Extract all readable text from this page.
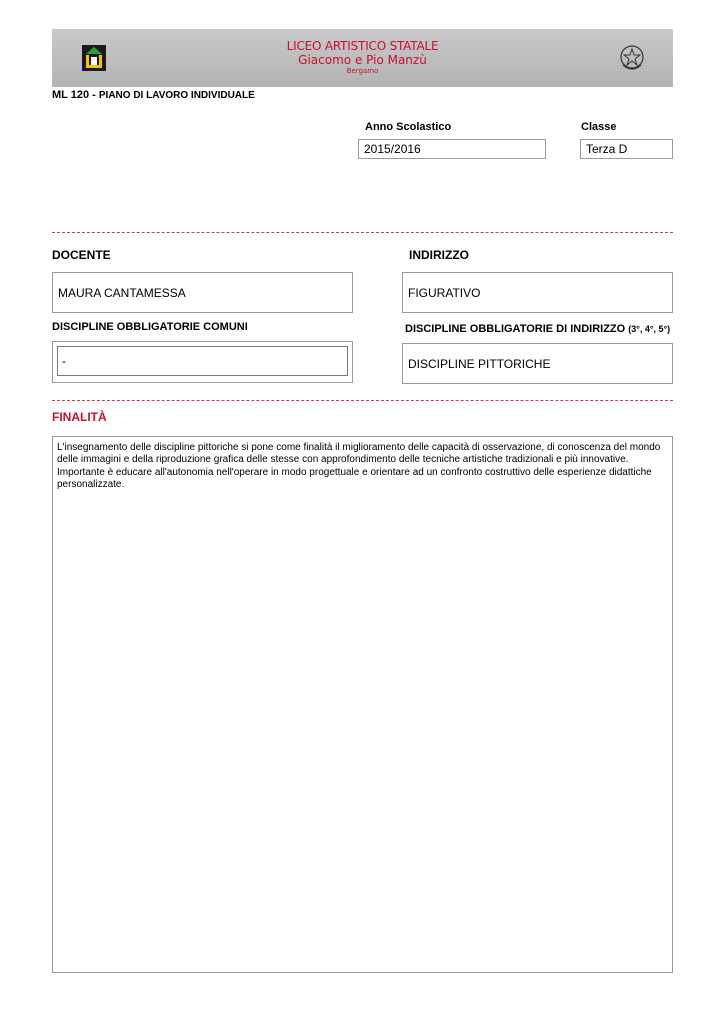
LICEO ARTISTICO STATALE
Giacomo e Pio Manzù
Bergamo
ML 120 - PIANO DI LAVORO INDIVIDUALE
Anno Scolastico	Classe
2015/2016	Terza D
DOCENTE	INDIRIZZO
MAURA CANTAMESSA	FIGURATIVO
DISCIPLINE OBBLIGATORIE COMUNI	DISCIPLINE OBBLIGATORIE DI INDIRIZZO (3°, 4°, 5°)
-	DISCIPLINE PITTORICHE
FINALITÀ

L'insegnamento delle discipline pittoriche si pone come finalità il miglioramento delle capacità di osservazione, di conoscenza del mondo delle immagini e della riproduzione grafica delle stesse con approfondimento delle tecniche artistiche tradizionali e più innovative.

Importante è educare all'autonomia nell'operare in modo progettuale e orientare ad un confronto costruttivo delle esperienze didattiche personalizzate.
